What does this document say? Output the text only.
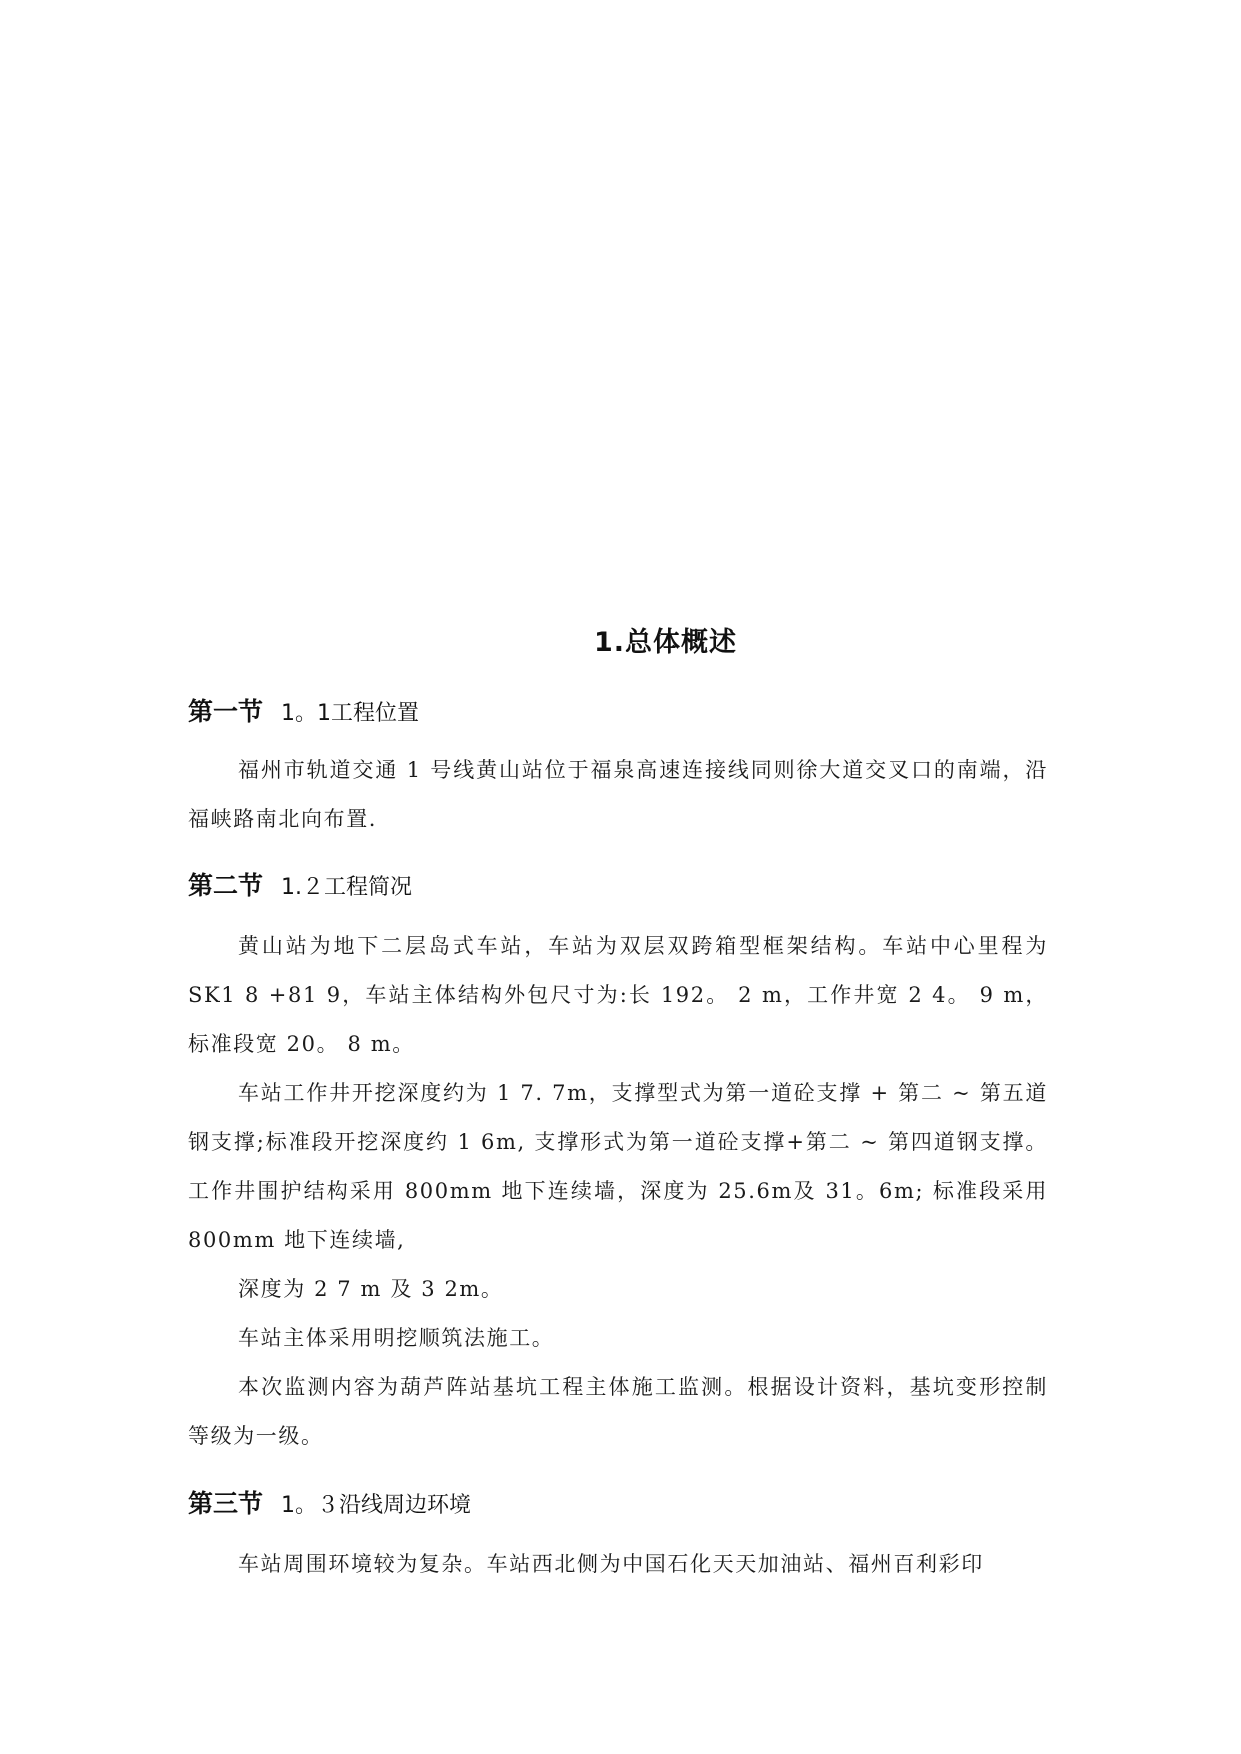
1.总体概述
第一节 1。1工程位置

福州市轨道交通 1 号线黄山站位于福泉高速连接线同则徐大道交叉口的南端，沿福峡路南北向布置.

第二节 1.２工程简况

黄山站为地下二层岛式车站，车站为双层双跨箱型框架结构。车站中心里程为 SK1 8 +81 9，车站主体结构外包尺寸为:长 192。 2 m，工作井宽 2 4。 9 m，标准段宽 20。 8 m。

车站工作井开挖深度约为 1 7. 7m，支撑型式为第一道砼支撑 + 第二 ~ 第五道钢支撑;标准段开挖深度约 1 6m, 支撑形式为第一道砼支撑+第二 ~ 第四道钢支撑。工作井围护结构采用 800mm 地下连续墙，深度为 25.6m及 31。6m; 标准段采用 800mm 地下连续墙,

深度为 2 7 m 及 3 2m。

车站主体采用明挖顺筑法施工。

本次监测内容为葫芦阵站基坑工程主体施工监测。根据设计资料，基坑变形控制等级为一级。

第三节 1。３沿线周边环境

车站周围环境较为复杂。车站西北侧为中国石化天天加油站、福州百利彩印
